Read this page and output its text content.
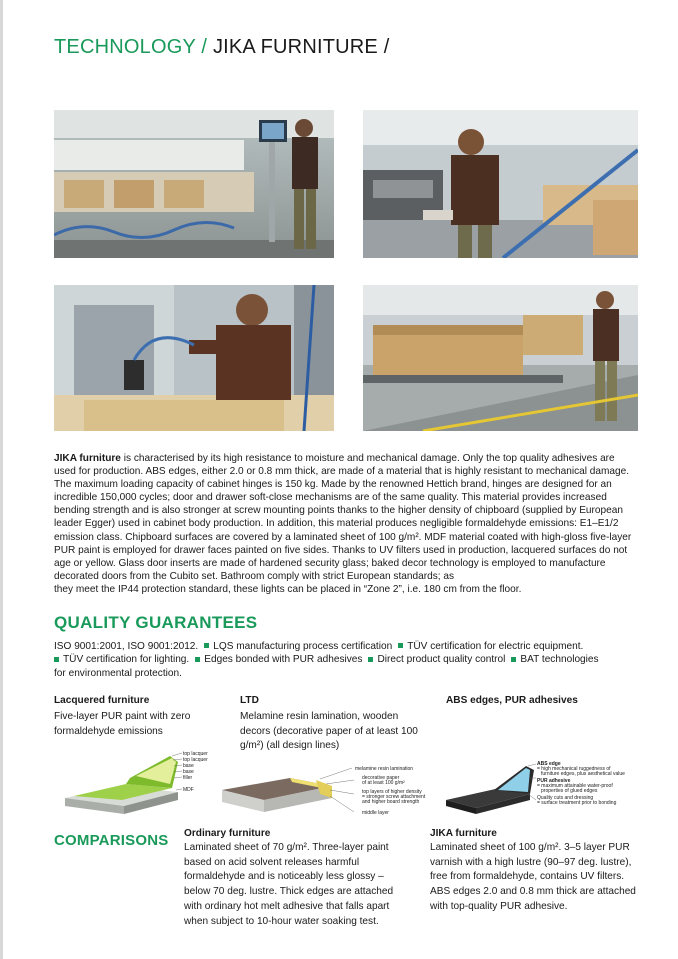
TECHNOLOGY / JIKA FURNITURE /
JIKA furniture is characterised by its high resistance to moisture and mechanical damage. Only the top quality adhesives are used for production. ABS edges, either 2.0 or 0.8 mm thick, are made of a material that is highly resistant to mechanical damage. The maximum loading capacity of cabinet hinges is 150 kg. Made by the renowned Hettich brand, hinges are designed for an incredible 150,000 cycles; door and drawer soft-close mechanisms are of the same quality. This material provides increased bending strength and is also stronger at screw mounting points thanks to the higher density of chipboard (supplied by European leader Egger) used in cabinet body production. In addition, this material produces negligible formaldehyde emissions: E1–E1/2 emission class. Chipboard surfaces are covered by a laminated sheet of 100 g/m². MDF material coated with high-gloss five-layer PUR paint is employed for drawer faces painted on five sides. Thanks to UV filters used in production, lacquered surfaces do not age or yellow. Glass door inserts are made of hardened security glass; baked decor technology is employed to manufacture decorated doors from the Cubito set. Bathroom comply with strict European standards; as
they meet the IP44 protection standard, these lights can be placed in “Zone 2”, i.e. 180 cm from the floor.
QUALITY GUARANTEES
ISO 9001:2001, ISO 9001:2012. LQS manufacturing process certification TÜV certification for electric equipment.
TÜV certification for lighting. Edges bonded with PUR adhesives Direct product quality control BAT technologies
for environmental protection.
Lacquered furniture
Five-layer PUR paint with zero formaldehyde emissions
LTD
Melamine resin lamination, wooden decors (decorative paper of at least 100 g/m²) (all design lines)
ABS edges, PUR adhesives
top lacquer
top lacquer
base
base
filler
MDF
melamine resin lamination
decorative paper
of at least 100 g/m²
top layers of higher density
= stronger screw attachment
and higher board strength
middle layer
ABS edge
= high mechanical ruggedness of
furniture edges, plus aesthetical value
PUR adhesive
= maximum attainable water-proof
properties of glued edges
Quality cuts and dressing
= surface treatment prior to bonding
COMPARISONS Ordinary furniture
Laminated sheet of 70 g/m². Three-layer paint based on acid solvent releases harmful formaldehyde and is noticeably less glossy – below 70 deg. lustre. Thick edges are attached with ordinary hot melt adhesive that falls apart when subject to 10-hour water soaking test.
JIKA furniture
Laminated sheet of 100 g/m². 3–5 layer PUR varnish with a high lustre (90–97 deg. lustre), free from formaldehyde, contains UV filters. ABS edges 2.0 and 0.8 mm thick are attached with top-quality PUR adhesive.
